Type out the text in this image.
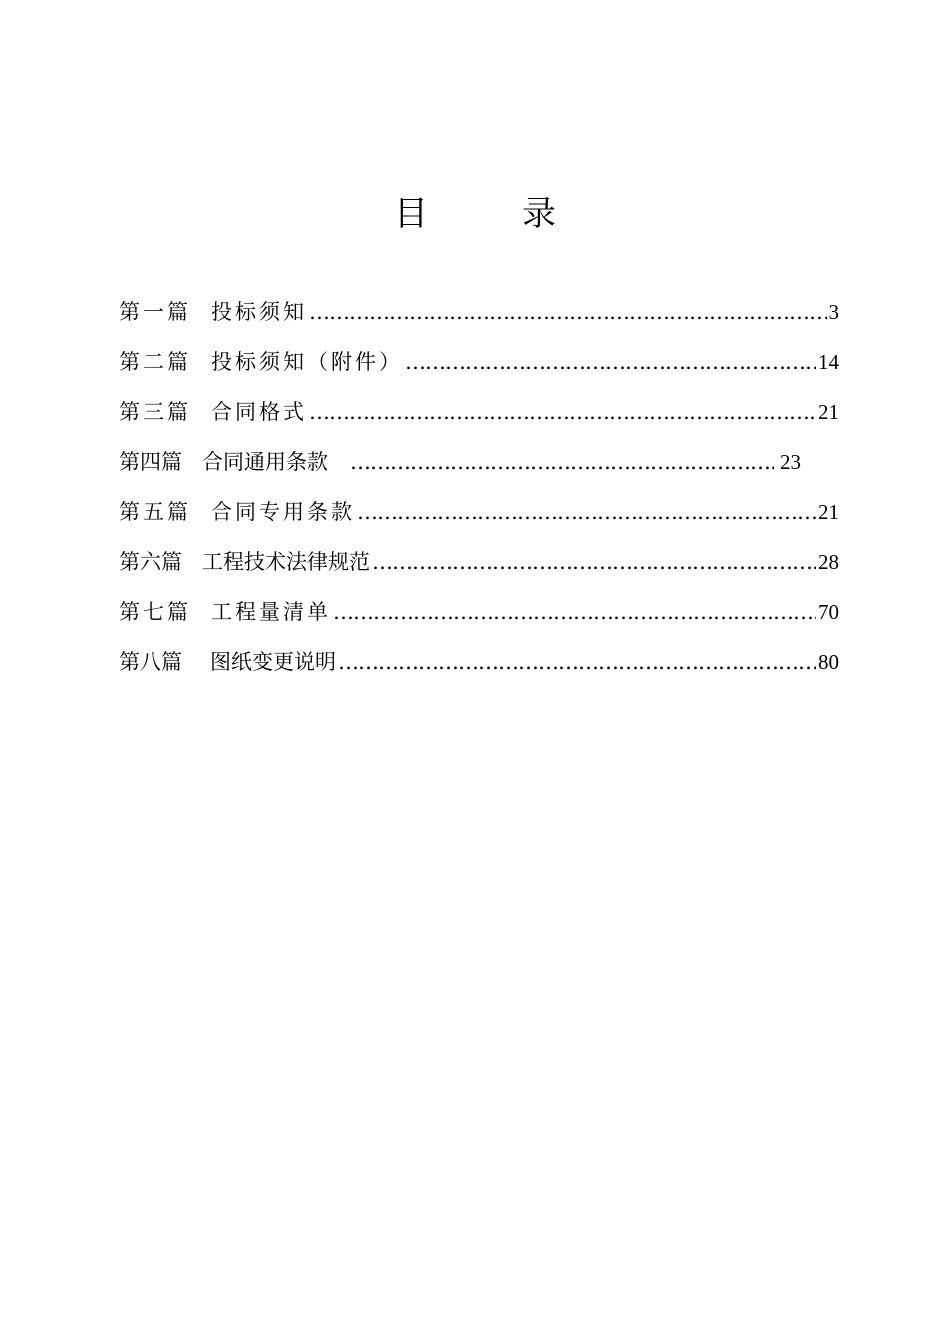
目　录
第一篇 投标须知 ………………………………………………………………………………………………………………………………	3
第二篇 投标须知（附件） ………………………………………………………………………………………………………………………………	14
第三篇 合同格式 ………………………………………………………………………………………………………………………………	21
第四篇 合同通用条款 ………………………………………………………………………………………………………………………………	23
第五篇 合同专用条款 ………………………………………………………………………………………………………………………………	21
第六篇 工程技术法律规范 ………………………………………………………………………………………………………………………………	28
第七篇 工程量清单 ………………………………………………………………………………………………………………………………	70
第八篇 图纸变更说明 ………………………………………………………………………………………………………………………………	80
